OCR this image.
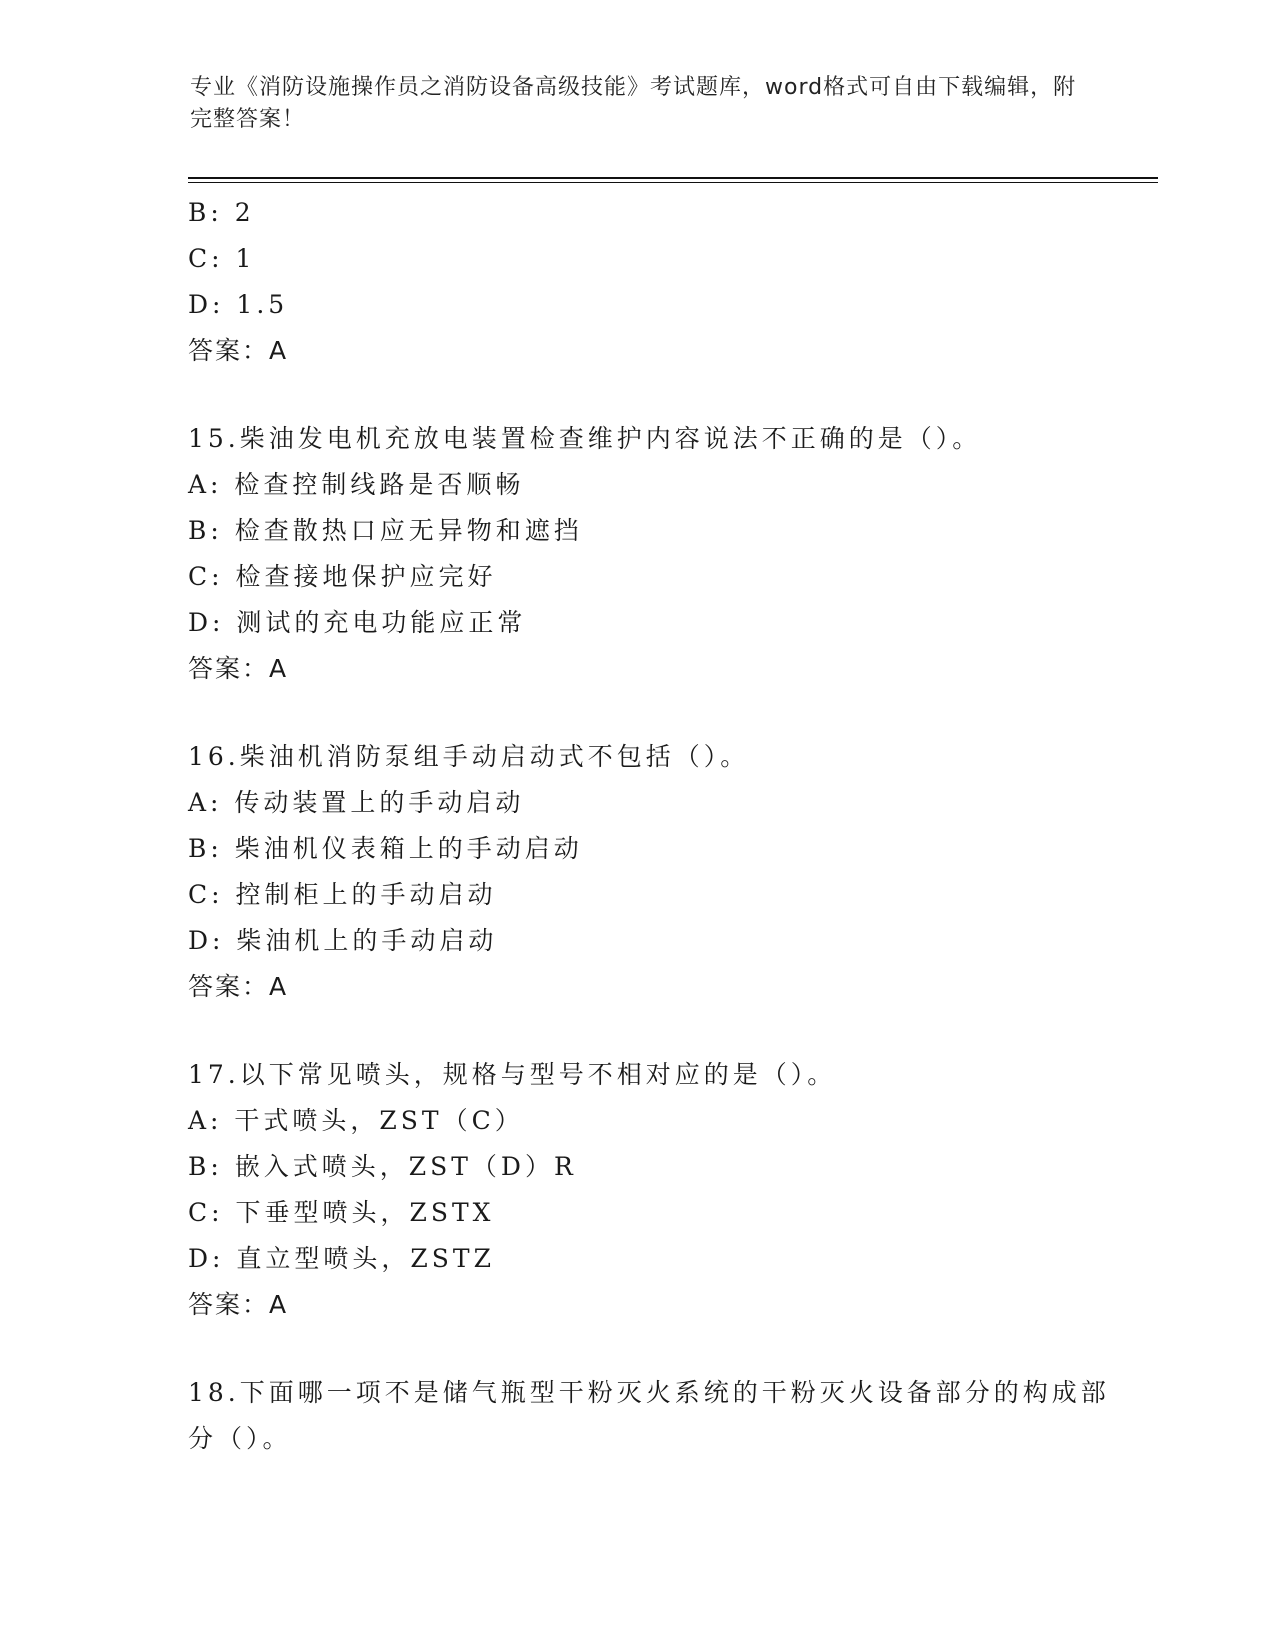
专业《消防设施操作员之消防设备高级技能》考试题库，word格式可自由下载编辑，附完整答案！
B: 2
C: 1
D: 1.5
答案：A
15.柴油发电机充放电装置检查维护内容说法不正确的是（）。
A: 检查控制线路是否顺畅
B: 检查散热口应无异物和遮挡
C: 检查接地保护应完好
D: 测试的充电功能应正常
答案：A
16.柴油机消防泵组手动启动式不包括（）。
A: 传动装置上的手动启动
B: 柴油机仪表箱上的手动启动
C: 控制柜上的手动启动
D: 柴油机上的手动启动
答案：A
17.以下常见喷头，规格与型号不相对应的是（）。
A: 干式喷头，ZST（C）
B: 嵌入式喷头，ZST（D）R
C: 下垂型喷头，ZSTX
D: 直立型喷头，ZSTZ
答案：A
18.下面哪一项不是储气瓶型干粉灭火系统的干粉灭火设备部分的构成部分（）。
